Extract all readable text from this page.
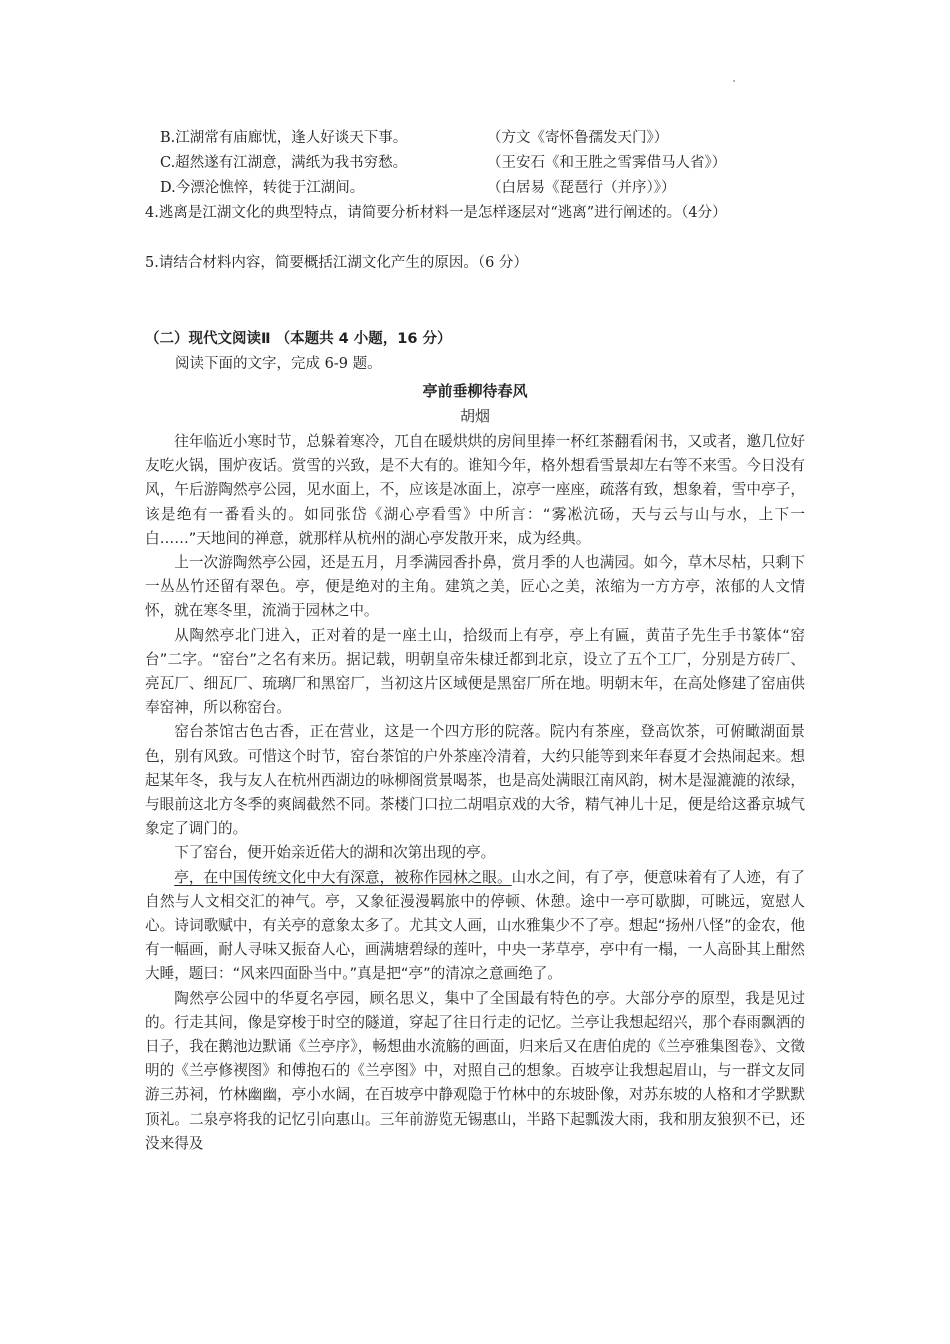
B.江湖常有庙廊忧，逢人好谈天下事。	（方文《寄怀鲁孺发天门》）
C.超然遂有江湖意，满纸为我书穷愁。	（王安石《和王胜之雪霁借马人省》）
D.今漂沦憔悴，转徙于江湖间。	（白居易《琵琶行（并序）》）
4.逃离是江湖文化的典型特点，请简要分析材料一是怎样逐层对“逃离”进行阐述的。（4分）
5.请结合材料内容，简要概括江湖文化产生的原因。（6 分）
（二）现代文阅读Ⅱ （本题共 4 小题，16 分）
阅读下面的文字，完成 6-9 题。
亭前垂柳待春风
胡烟

往年临近小寒时节，总躲着寒冷，兀自在暖烘烘的房间里捧一杯红茶翻看闲书，又或者，邀几位好友吃火锅，围炉夜话。赏雪的兴致，是不大有的。谁知今年，格外想看雪景却左右等不来雪。今日没有风，午后游陶然亭公园，见水面上，不，应该是冰面上，凉亭一座座，疏落有致，想象着，雪中亭子，该是绝有一番看头的。如同张岱《湖心亭看雪》中所言：“雾凇沆砀，天与云与山与水，上下一白……”天地间的禅意，就那样从杭州的湖心亭发散开来，成为经典。

上一次游陶然亭公园，还是五月，月季满园香扑鼻，赏月季的人也满园。如今，草木尽枯，只剩下一丛丛竹还留有翠色。亭，便是绝对的主角。建筑之美，匠心之美，浓缩为一方方亭，浓郁的人文情怀，就在寒冬里，流淌于园林之中。

从陶然亭北门进入，正对着的是一座土山，拾级而上有亭，亭上有匾，黄苗子先生手书篆体“窑台”二字。“窑台”之名有来历。据记载，明朝皇帝朱棣迁都到北京，设立了五个工厂，分别是方砖厂、亮瓦厂、细瓦厂、琉璃厂和黑窑厂，当初这片区域便是黑窑厂所在地。明朝末年，在高处修建了窑庙供奉窑神，所以称窑台。

窑台茶馆古色古香，正在营业，这是一个四方形的院落。院内有茶座，登高饮茶，可俯瞰湖面景色，别有风致。可惜这个时节，窑台茶馆的户外茶座冷清着，大约只能等到来年春夏才会热闹起来。想起某年冬，我与友人在杭州西湖边的咏柳阁赏景喝茶，也是高处满眼江南风韵，树木是湿漉漉的浓绿，与眼前这北方冬季的爽阔截然不同。茶楼门口拉二胡唱京戏的大爷，精气神儿十足，便是给这番京城气象定了调门的。

下了窑台，便开始亲近偌大的湖和次第出现的亭。

亭，在中国传统文化中大有深意，被称作园林之眼。山水之间，有了亭，便意味着有了人迹，有了自然与人文相交汇的神气。亭，又象征漫漫羁旅中的停顿、休憩。途中一亭可歇脚，可眺远，宽慰人心。诗词歌赋中，有关亭的意象太多了。尤其文人画，山水雅集少不了亭。想起“扬州八怪”的金农，他有一幅画，耐人寻味又振奋人心，画满塘碧绿的莲叶，中央一茅草亭，亭中有一榻，一人高卧其上酣然大睡，题曰：“风来四面卧当中。”真是把“亭”的清凉之意画绝了。

陶然亭公园中的华夏名亭园，顾名思义，集中了全国最有特色的亭。大部分亭的原型，我是见过的。行走其间，像是穿梭于时空的隧道，穿起了往日行走的记忆。兰亭让我想起绍兴，那个春雨飘洒的日子，我在鹅池边默诵《兰亭序》，畅想曲水流觞的画面，归来后又在唐伯虎的《兰亭雅集图卷》、文徵明的《兰亭修禊图》和傅抱石的《兰亭图》中，对照自己的想象。百坡亭让我想起眉山，与一群文友同游三苏祠，竹林幽幽，亭小水阔，在百坡亭中静观隐于竹林中的东坡卧像，对苏东坡的人格和才学默默顶礼。二泉亭将我的记忆引向惠山。三年前游览无锡惠山，半路下起瓢泼大雨，我和朋友狼狈不已，还没来得及
